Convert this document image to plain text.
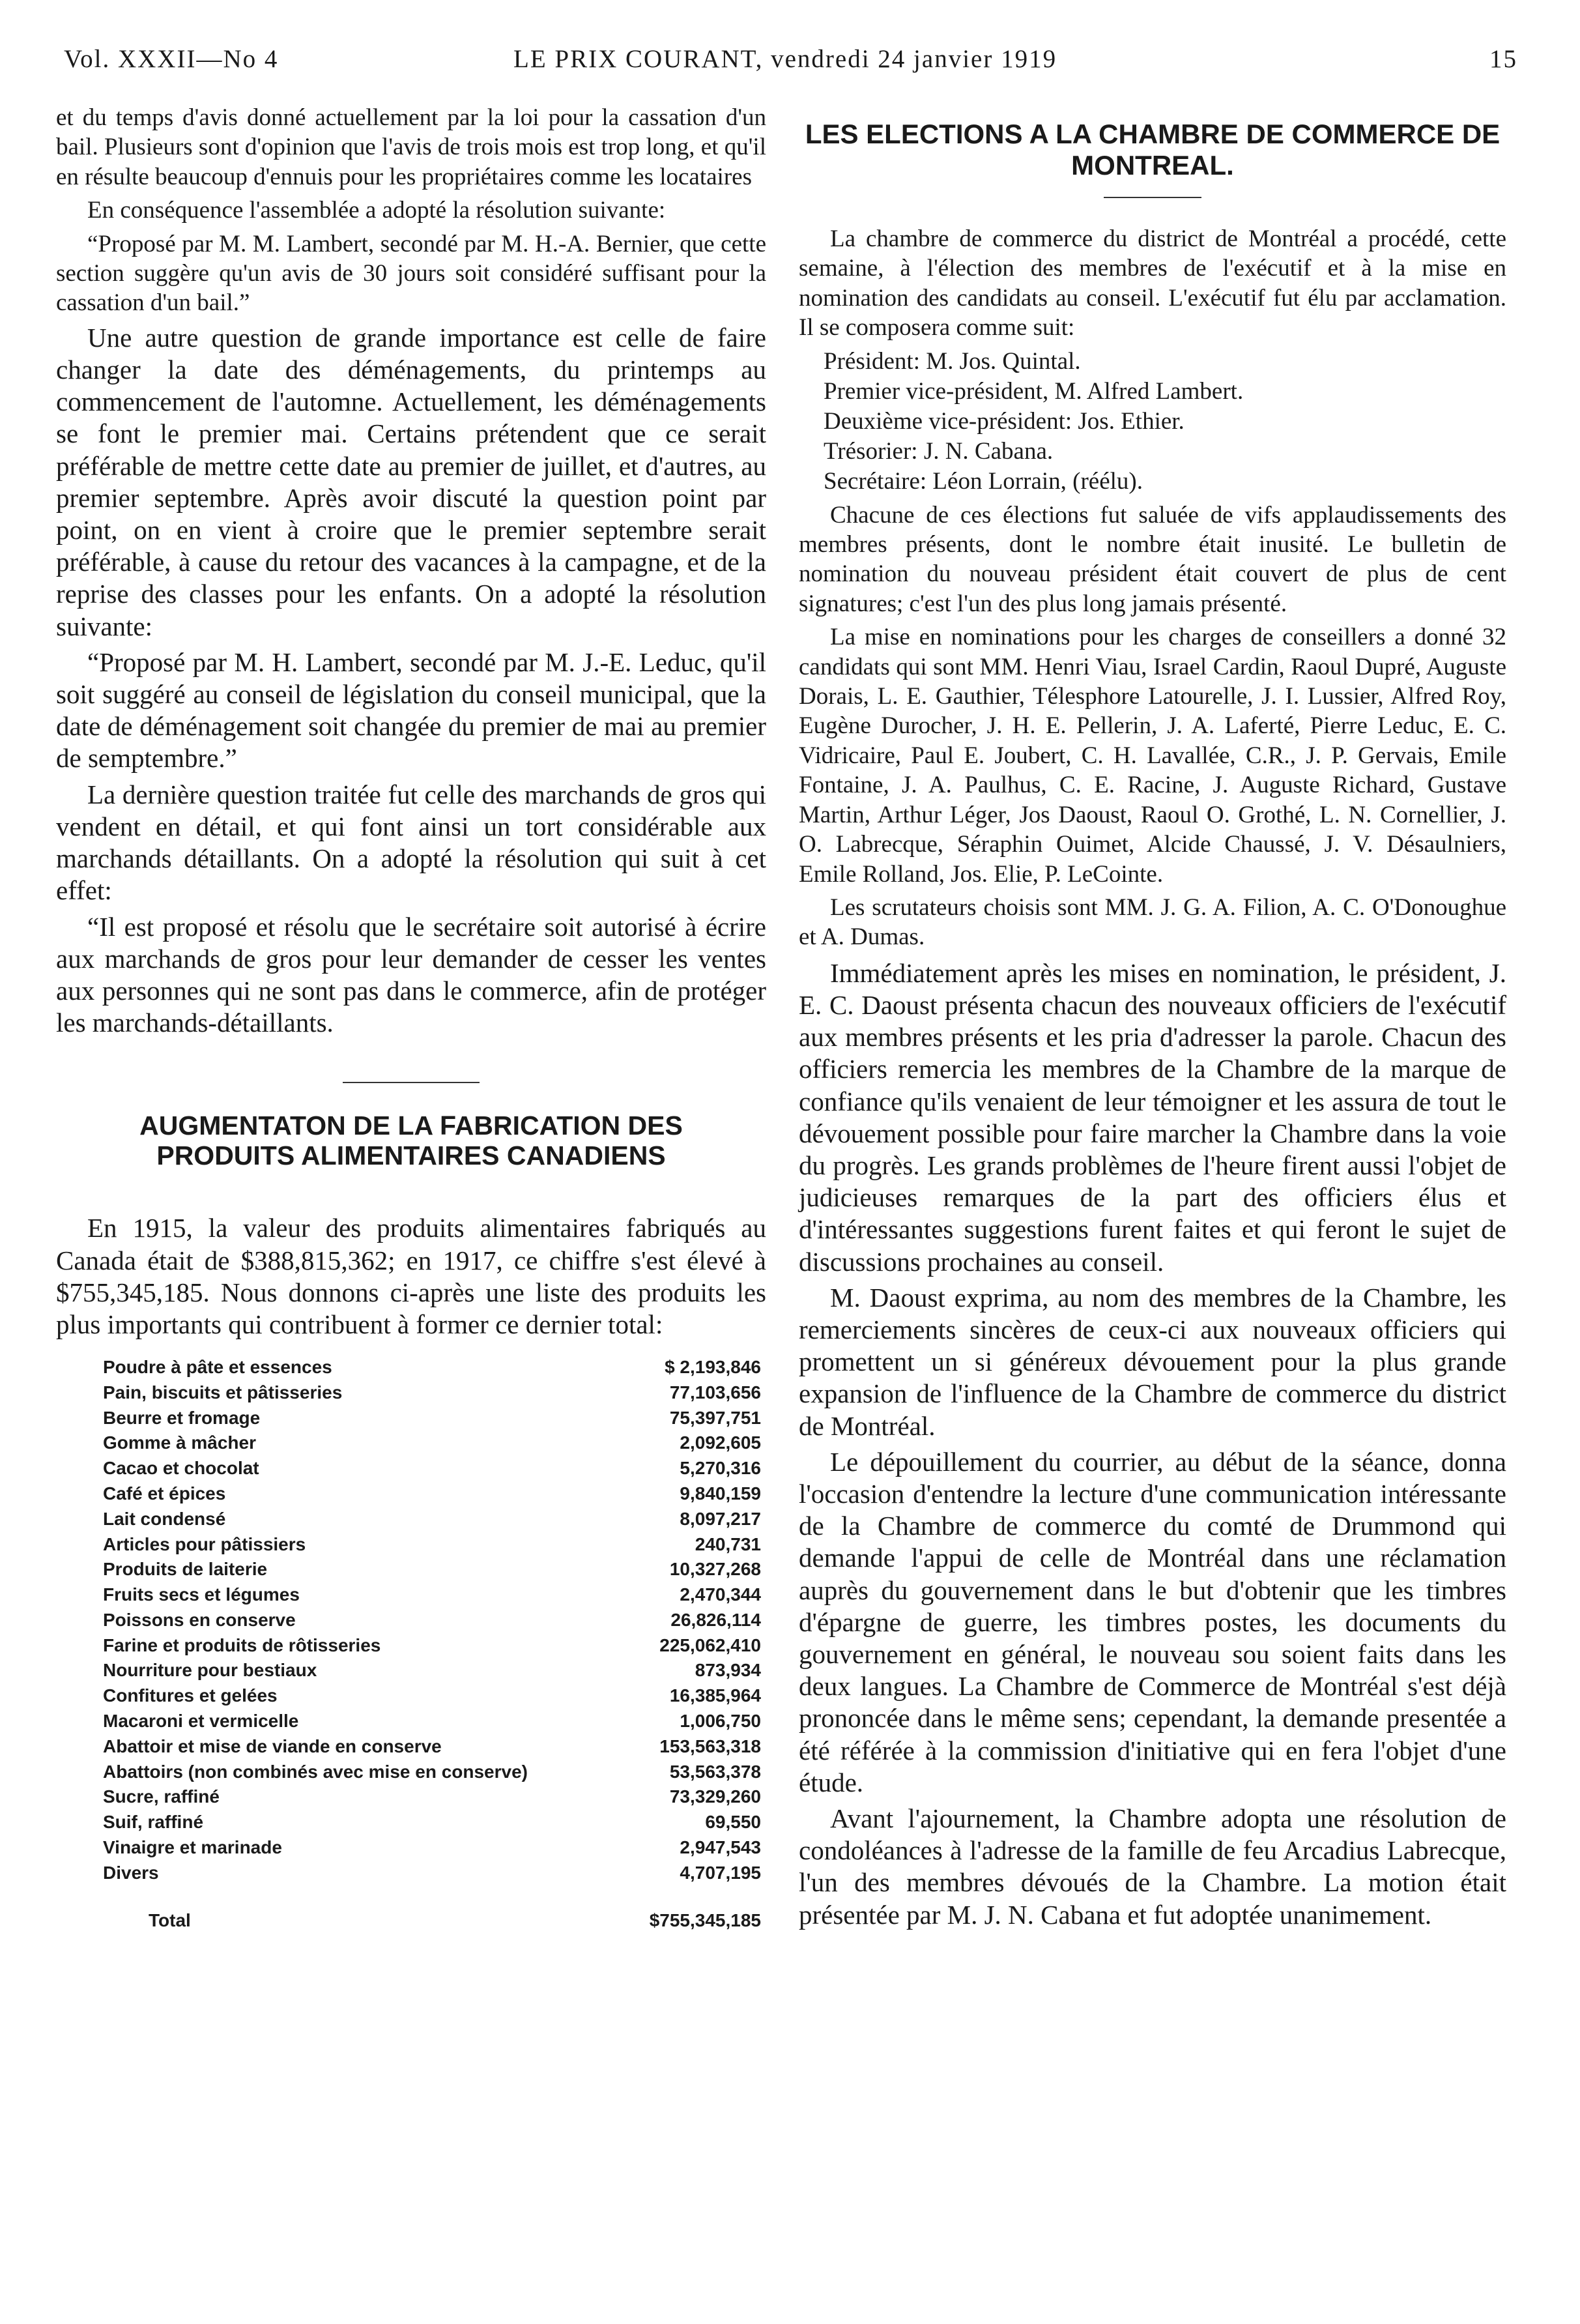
Vol. XXXII—No 4	LE PRIX COURANT, vendredi 24 janvier 1919	15

et du temps d'avis donné actuellement par la loi pour la cassation d'un bail. Plusieurs sont d'opinion que l'avis de trois mois est trop long, et qu'il en résulte beaucoup d'ennuis pour les propriétaires comme les locataires

En conséquence l'assemblée a adopté la résolution suivante:

“Proposé par M. M. Lambert, secondé par M. H.-A. Bernier, que cette section suggère qu'un avis de 30 jours soit considéré suffisant pour la cassation d'un bail.”

Une autre question de grande importance est celle de faire changer la date des déménagements, du printemps au commencement de l'automne. Actuellement, les déménagements se font le premier mai. Certains prétendent que ce serait préférable de mettre cette date au premier de juillet, et d'autres, au premier septembre. Après avoir discuté la question point par point, on en vient à croire que le premier septembre serait préférable, à cause du retour des vacances à la campagne, et de la reprise des classes pour les enfants. On a adopté la résolution suivante:

“Proposé par M. H. Lambert, secondé par M. J.-E. Leduc, qu'il soit suggéré au conseil de législation du conseil municipal, que la date de déménagement soit changée du premier de mai au premier de semptembre.”

La dernière question traitée fut celle des marchands de gros qui vendent en détail, et qui font ainsi un tort considérable aux marchands détaillants. On a adopté la résolution qui suit à cet effet:

“Il est proposé et résolu que le secrétaire soit autorisé à écrire aux marchands de gros pour leur demander de cesser les ventes aux personnes qui ne sont pas dans le commerce, afin de protéger les marchands-détaillants.

AUGMENTATON DE LA FABRICATION DES PRODUITS ALIMENTAIRES CANADIENS

En 1915, la valeur des produits alimentaires fabriqués au Canada était de $388,815,362; en 1917, ce chiffre s'est élevé à $755,345,185. Nous donnons ci-après une liste des produits les plus importants qui contribuent à former ce dernier total:

Poudre à pâte et essences	$ 2,193,846
Pain, biscuits et pâtisseries	77,103,656
Beurre et fromage	75,397,751
Gomme à mâcher	2,092,605
Cacao et chocolat	5,270,316
Café et épices	9,840,159
Lait condensé	8,097,217
Articles pour pâtissiers	240,731
Produits de laiterie	10,327,268
Fruits secs et légumes	2,470,344
Poissons en conserve	26,826,114
Farine et produits de rôtisseries	225,062,410
Nourriture pour bestiaux	873,934
Confitures et gelées	16,385,964
Macaroni et vermicelle	1,006,750
Abattoir et mise de viande en conserve	153,563,318
Abattoirs (non combinés avec mise en conserve)	53,563,378
Sucre, raffiné	73,329,260
Suif, raffiné	69,550
Vinaigre et marinade	2,947,543
Divers	4,707,195
Total	$755,345,185
LES ELECTIONS A LA CHAMBRE DE COMMERCE DE MONTREAL.

La chambre de commerce du district de Montréal a procédé, cette semaine, à l'élection des membres de l'exécutif et à la mise en nomination des candidats au conseil. L'exécutif fut élu par acclamation. Il se composera comme suit:

Président: M. Jos. Quintal.
Premier vice-président, M. Alfred Lambert.
Deuxième vice-président: Jos. Ethier.
Trésorier: J. N. Cabana.
Secrétaire: Léon Lorrain, (réélu).

Chacune de ces élections fut saluée de vifs applaudissements des membres présents, dont le nombre était inusité. Le bulletin de nomination du nouveau président était couvert de plus de cent signatures; c'est l'un des plus long jamais présenté.

La mise en nominations pour les charges de conseillers a donné 32 candidats qui sont MM. Henri Viau, Israel Cardin, Raoul Dupré, Auguste Dorais, L. E. Gauthier, Télesphore Latourelle, J. I. Lussier, Alfred Roy, Eugène Durocher, J. H. E. Pellerin, J. A. Laferté, Pierre Leduc, E. C. Vidricaire, Paul E. Joubert, C. H. Lavallée, C.R., J. P. Gervais, Emile Fontaine, J. A. Paulhus, C. E. Racine, J. Auguste Richard, Gustave Martin, Arthur Léger, Jos Daoust, Raoul O. Grothé, L. N. Cornellier, J. O. Labrecque, Séraphin Ouimet, Alcide Chaussé, J. V. Désaulniers, Emile Rolland, Jos. Elie, P. LeCointe.

Les scrutateurs choisis sont MM. J. G. A. Filion, A. C. O'Donoughue et A. Dumas.

Immédiatement après les mises en nomination, le président, J. E. C. Daoust présenta chacun des nouveaux officiers de l'exécutif aux membres présents et les pria d'adresser la parole. Chacun des officiers remercia les membres de la Chambre de la marque de confiance qu'ils venaient de leur témoigner et les assura de tout le dévouement possible pour faire marcher la Chambre dans la voie du progrès. Les grands problèmes de l'heure firent aussi l'objet de judicieuses remarques de la part des officiers élus et d'intéressantes suggestions furent faites et qui feront le sujet de discussions prochaines au conseil.

M. Daoust exprima, au nom des membres de la Chambre, les remerciements sincères de ceux-ci aux nouveaux officiers qui promettent un si généreux dévouement pour la plus grande expansion de l'influence de la Chambre de commerce du district de Montréal.

Le dépouillement du courrier, au début de la séance, donna l'occasion d'entendre la lecture d'une communication intéressante de la Chambre de commerce du comté de Drummond qui demande l'appui de celle de Montréal dans une réclamation auprès du gouvernement dans le but d'obtenir que les timbres d'épargne de guerre, les timbres postes, les documents du gouvernement en général, le nouveau sou soient faits dans les deux langues. La Chambre de Commerce de Montréal s'est déjà prononcée dans le même sens; cependant, la demande presentée a été référée à la commission d'initiative qui en fera l'objet d'une étude.

Avant l'ajournement, la Chambre adopta une résolution de condoléances à l'adresse de la famille de feu Arcadius Labrecque, l'un des membres dévoués de la Chambre. La motion était présentée par M. J. N. Cabana et fut adoptée unanimement.
